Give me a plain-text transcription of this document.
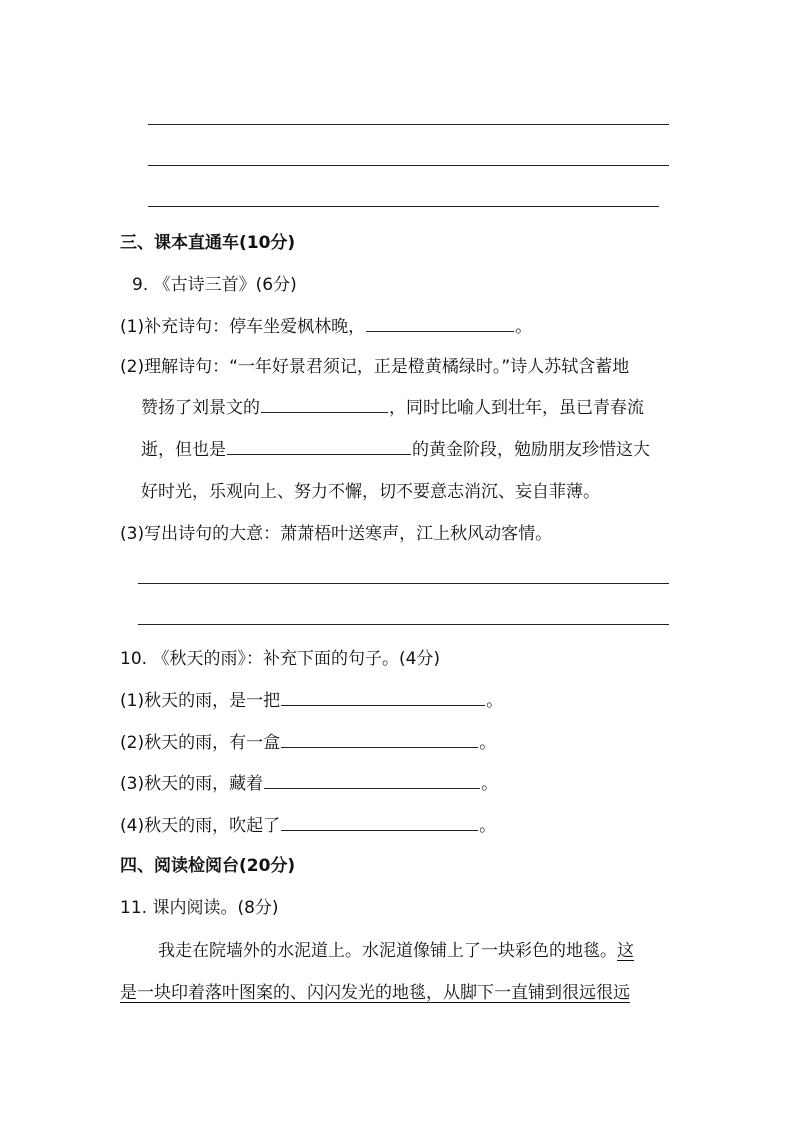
三、课本直通车(10分)
9. 《古诗三首》(6分)
(1)补充诗句：停车坐爱枫林晚，	。
(2)理解诗句：“一年好景君须记，正是橙黄橘绿时。”诗人苏轼含蓄地
赞扬了刘景文的	，同时比喻人到壮年，虽已青春流
逝，但也是	的黄金阶段，勉励朋友珍惜这大
好时光，乐观向上、努力不懈，切不要意志消沉、妄自菲薄。
(3)写出诗句的大意：萧萧梧叶送寒声，江上秋风动客情。
10. 《秋天的雨》：补充下面的句子。(4分)
(1)秋天的雨，是一把	。
(2)秋天的雨，有一盒	。
(3)秋天的雨，藏着	。
(4)秋天的雨，吹起了	。
四、阅读检阅台(20分)
11. 课内阅读。(8分)
我走在院墙外的水泥道上。水泥道像铺上了一块彩色的地毯。这
是一块印着落叶图案的、闪闪发光的地毯，从脚下一直铺到很远很远
